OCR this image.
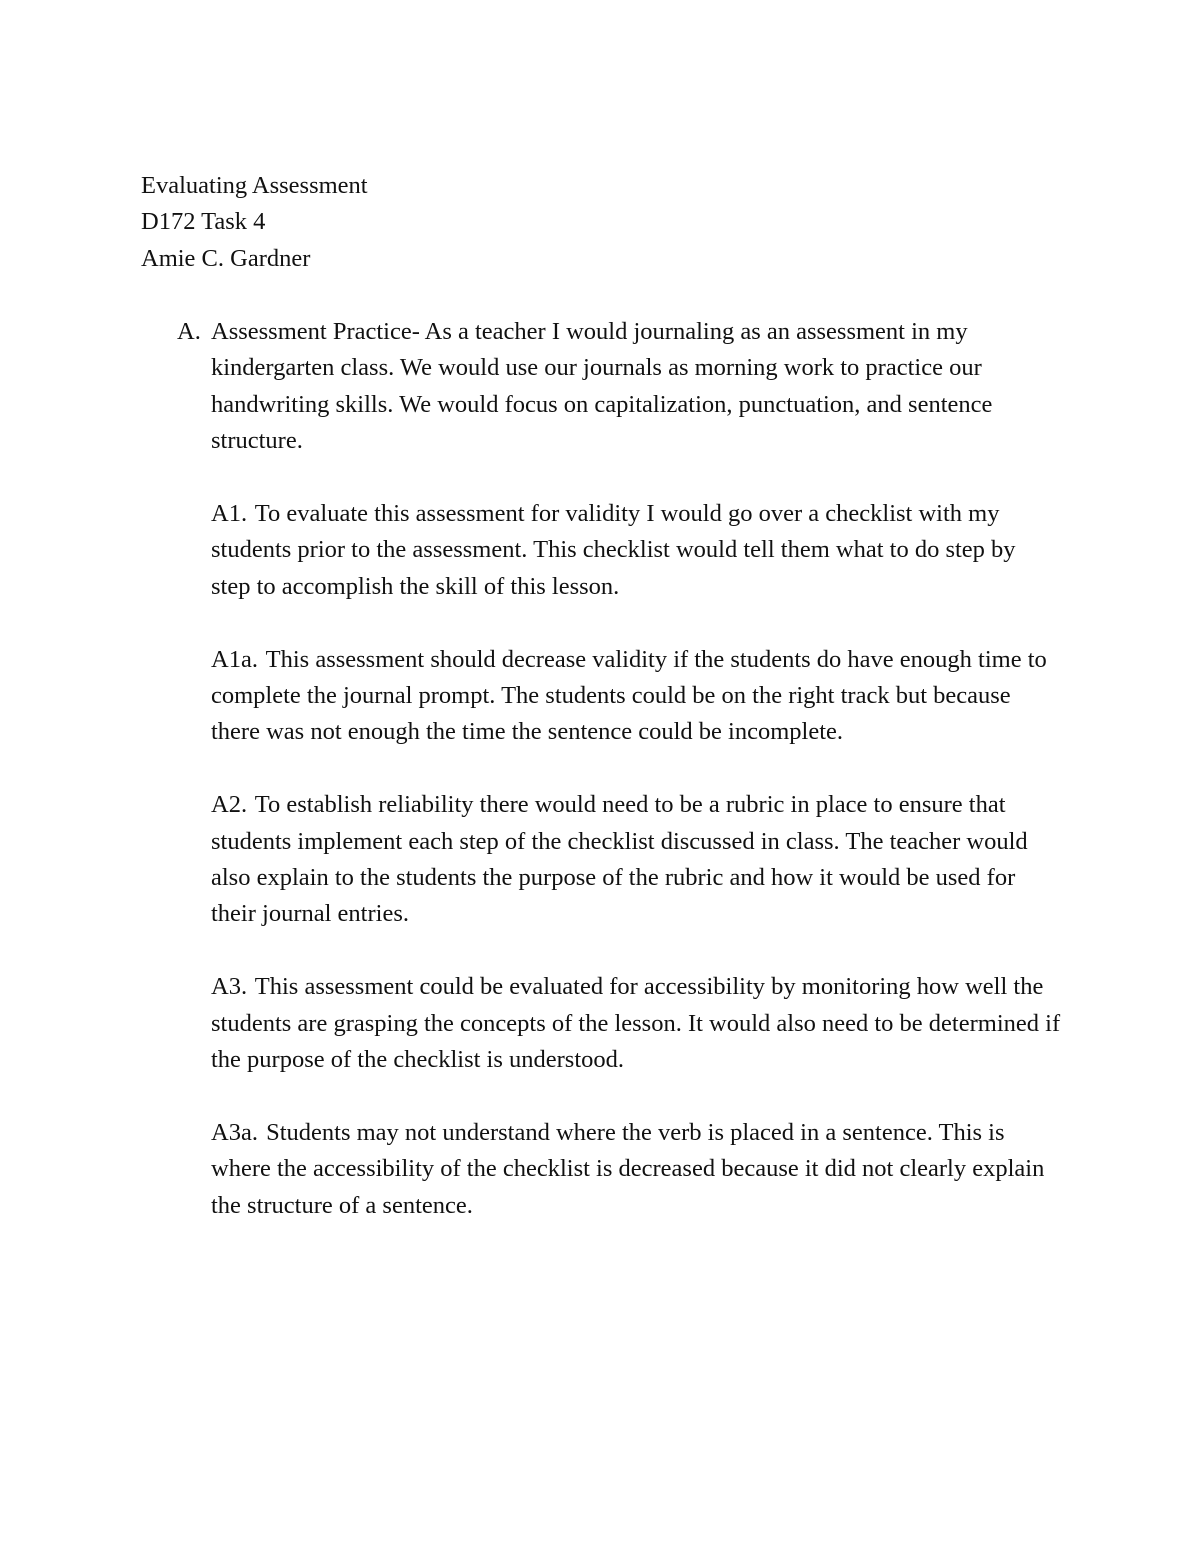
Evaluating Assessment
D172 Task 4
Amie C. Gardner
A. Assessment Practice- As a teacher I would journaling as an assessment in my kindergarten class. We would use our journals as morning work to practice our handwriting skills. We would focus on capitalization, punctuation, and sentence structure.
A1. To evaluate this assessment for validity I would go over a checklist with my students prior to the assessment. This checklist would tell them what to do step by step to accomplish the skill of this lesson.
A1a. This assessment should decrease validity if the students do have enough time to complete the journal prompt. The students could be on the right track but because there was not enough the time the sentence could be incomplete.
A2. To establish reliability there would need to be a rubric in place to ensure that students implement each step of the checklist discussed in class. The teacher would also explain to the students the purpose of the rubric and how it would be used for their journal entries.
A3. This assessment could be evaluated for accessibility by monitoring how well the students are grasping the concepts of the lesson. It would also need to be determined if the purpose of the checklist is understood.
A3a. Students may not understand where the verb is placed in a sentence. This is where the accessibility of the checklist is decreased because it did not clearly explain the structure of a sentence.
